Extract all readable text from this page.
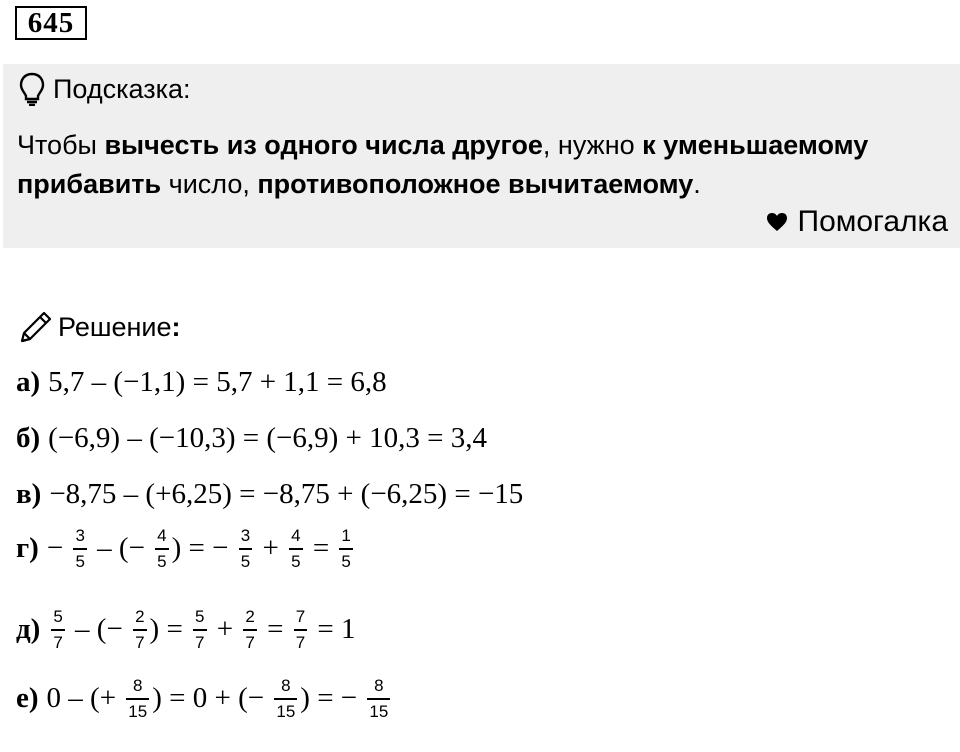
645
Подсказка:
Чтобы вычесть из одного числа другое, нужно к уменьшаемому прибавить число, противоположное вычитаемому.
Помогалка
Решение :
а) 5,7 – (−1,1) = 5,7 + 1,1 = 6,8
б) (−6,9) – (−10,3) = (−6,9) + 10,3 = 3,4
в) −8,75 – (+6,25) = −8,75 + (−6,25) = −15
$г) - \frac{3}{5}$ – (− $\frac{4}{5}$ ) = − $\frac{3}{5} + \frac{4}{5} = \frac{1}{5}$
$д) \frac{5}{7}$ – (− $\frac{2}{7}$ ) = $\frac{5}{7} + \frac{2}{7} = \frac{7}{7} = 1$
е) 0 – (+ $\frac{8}{15}$ ) = 0 + (− $\frac{8}{15}$ ) = − $\frac{8}{15}$
